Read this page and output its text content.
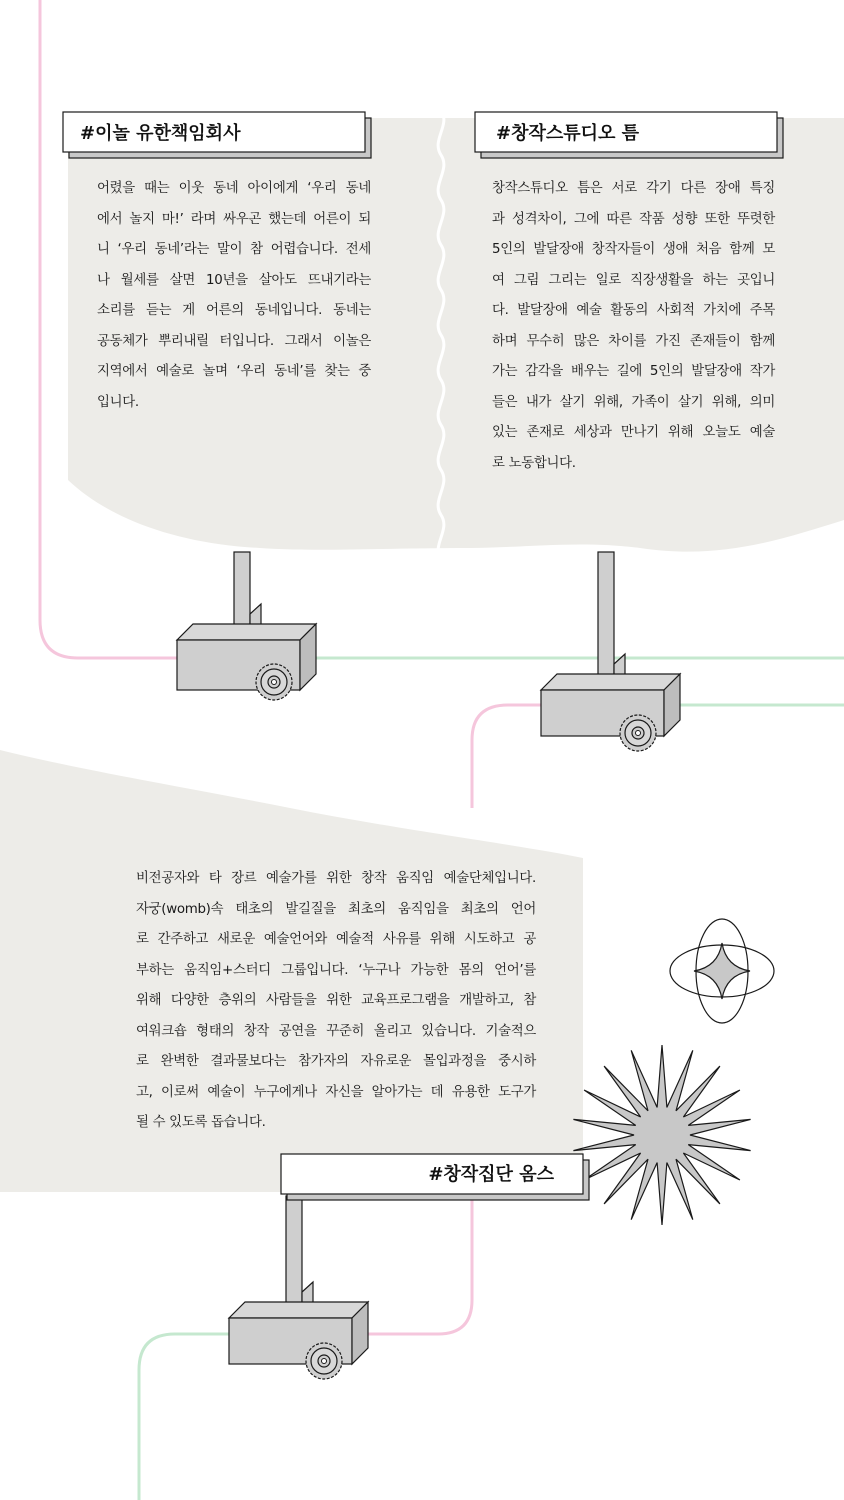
#이놀 유한책임회사	#창작스튜디오 틈
#창작집단 옴스
어렸을 때는 이웃 동네 아이에게 ‘우리 동네
에서 놀지 마!’ 라며 싸우곤 했는데 어른이 되
니 ‘우리 동네’라는 말이 참 어렵습니다. 전세
나 월세를 살면 10년을 살아도 뜨내기라는
소리를 듣는 게 어른의 동네입니다. 동네는
공동체가 뿌리내릴 터입니다. 그래서 이놀은
지역에서 예술로 놀며 ‘우리 동네’를 찾는 중
입니다.
창작스튜디오 틈은 서로 각기 다른 장애 특징
과 성격차이, 그에 따른 작품 성향 또한 뚜렷한
5인의 발달장애 창작자들이 생애 처음 함께 모
여 그림 그리는 일로 직장생활을 하는 곳입니
다. 발달장애 예술 활동의 사회적 가치에 주목
하며 무수히 많은 차이를 가진 존재들이 함께
가는 감각을 배우는 길에 5인의 발달장애 작가
들은 내가 살기 위해, 가족이 살기 위해, 의미
있는 존재로 세상과 만나기 위해 오늘도 예술
로 노동합니다.
비전공자와 타 장르 예술가를 위한 창작 움직임 예술단체입니다.
자궁(womb)속 태초의 발길질을 최초의 움직임을 최초의 언어
로 간주하고 새로운 예술언어와 예술적 사유를 위해 시도하고 공
부하는 움직임+스터디 그룹입니다. ‘누구나 가능한 몸의 언어’를
위해 다양한 층위의 사람들을 위한 교육프로그램을 개발하고, 참
여워크숍 형태의 창작 공연을 꾸준히 올리고 있습니다. 기술적으
로 완벽한 결과물보다는 참가자의 자유로운 몰입과정을 중시하
고, 이로써 예술이 누구에게나 자신을 알아가는 데 유용한 도구가
될 수 있도록 돕습니다.
